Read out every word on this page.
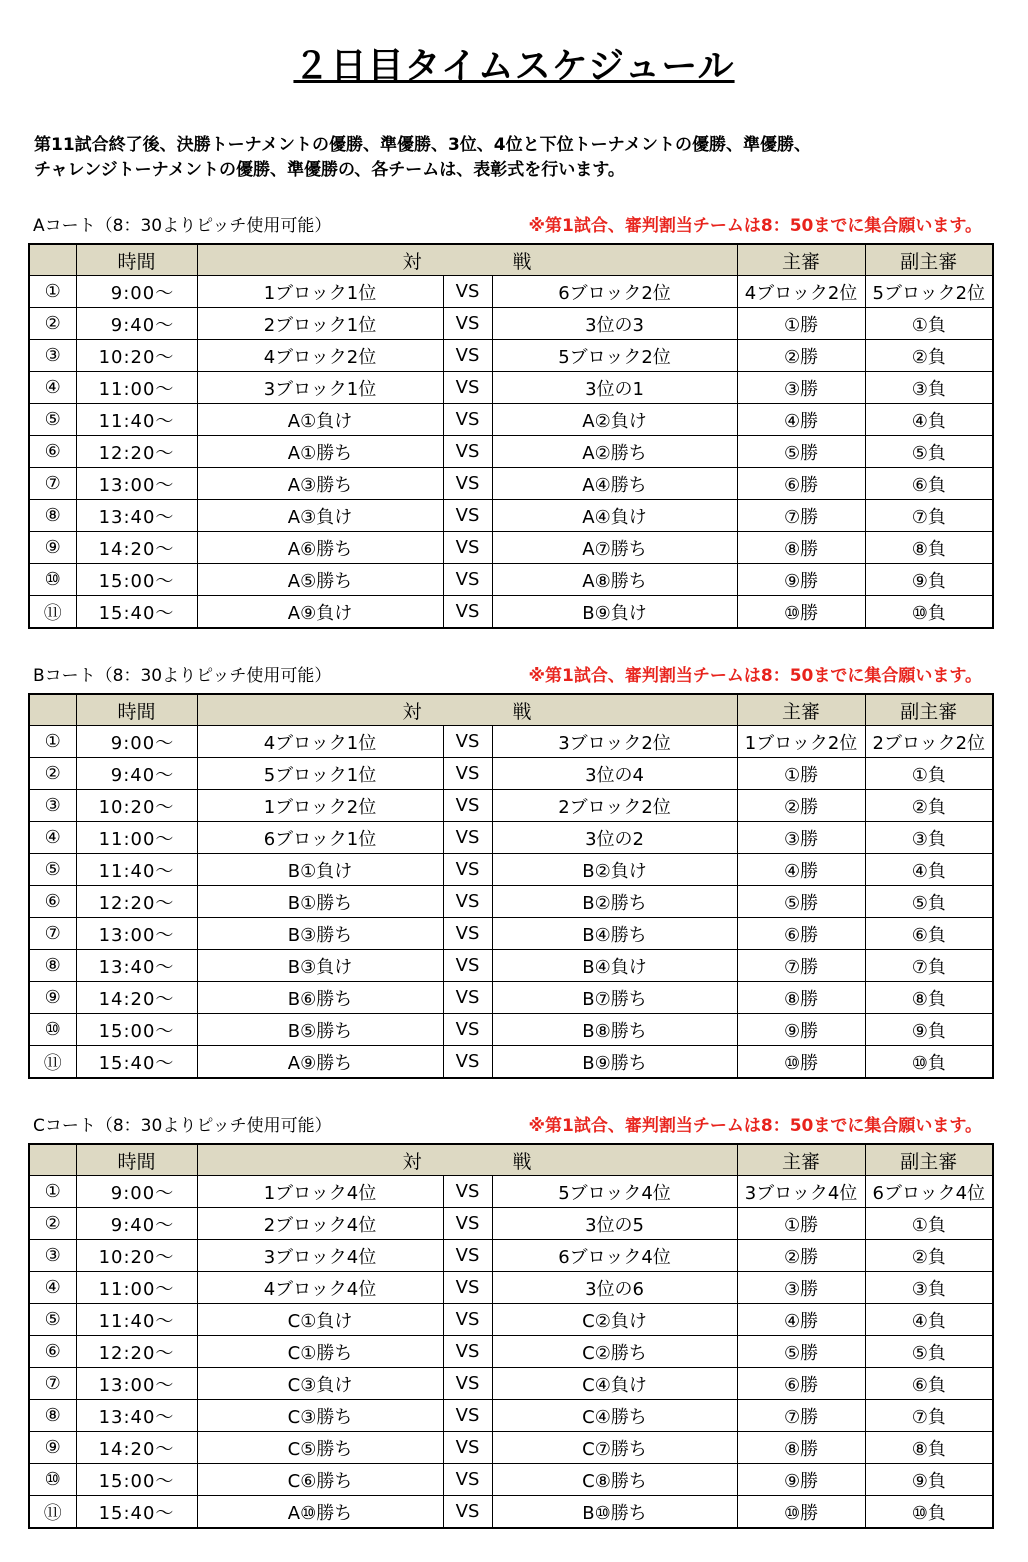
２日目タイムスケジュール
第11試合終了後、決勝トーナメントの優勝、準優勝、3位、4位と下位トーナメントの優勝、準優勝、
チャレンジトーナメントの優勝、準優勝の、各チームは、表彰式を行います。
Aコート（8：30よりピッチ使用可能）	※第1試合、審判割当チームは8：50までに集合願います。
	時間	対 戦			主審	副主審
①	9:00～	1ブロック1位	VS	6ブロック2位	4ブロック2位	5ブロック2位
②	9:40～	2ブロック1位	VS	3位の3	①勝	①負
③	10:20～	4ブロック2位	VS	5ブロック2位	②勝	②負
④	11:00～	3ブロック1位	VS	3位の1	③勝	③負
⑤	11:40～	A①負け	VS	A②負け	④勝	④負
⑥	12:20～	A①勝ち	VS	A②勝ち	⑤勝	⑤負
⑦	13:00～	A③勝ち	VS	A④勝ち	⑥勝	⑥負
⑧	13:40～	A③負け	VS	A④負け	⑦勝	⑦負
⑨	14:20～	A⑥勝ち	VS	A⑦勝ち	⑧勝	⑧負
⑩	15:00～	A⑤勝ち	VS	A⑧勝ち	⑨勝	⑨負
⑪	15:40～	A⑨負け	VS	B⑨負け	⑩勝	⑩負
Bコート（8：30よりピッチ使用可能）	※第1試合、審判割当チームは8：50までに集合願います。
	時間	対 戦			主審	副主審
①	9:00～	4ブロック1位	VS	3ブロック2位	1ブロック2位	2ブロック2位
②	9:40～	5ブロック1位	VS	3位の4	①勝	①負
③	10:20～	1ブロック2位	VS	2ブロック2位	②勝	②負
④	11:00～	6ブロック1位	VS	3位の2	③勝	③負
⑤	11:40～	B①負け	VS	B②負け	④勝	④負
⑥	12:20～	B①勝ち	VS	B②勝ち	⑤勝	⑤負
⑦	13:00～	B③勝ち	VS	B④勝ち	⑥勝	⑥負
⑧	13:40～	B③負け	VS	B④負け	⑦勝	⑦負
⑨	14:20～	B⑥勝ち	VS	B⑦勝ち	⑧勝	⑧負
⑩	15:00～	B⑤勝ち	VS	B⑧勝ち	⑨勝	⑨負
⑪	15:40～	A⑨勝ち	VS	B⑨勝ち	⑩勝	⑩負
Cコート（8：30よりピッチ使用可能）	※第1試合、審判割当チームは8：50までに集合願います。
	時間	対 戦			主審	副主審
①	9:00～	1ブロック4位	VS	5ブロック4位	3ブロック4位	6ブロック4位
②	9:40～	2ブロック4位	VS	3位の5	①勝	①負
③	10:20～	3ブロック4位	VS	6ブロック4位	②勝	②負
④	11:00～	4ブロック4位	VS	3位の6	③勝	③負
⑤	11:40～	C①負け	VS	C②負け	④勝	④負
⑥	12:20～	C①勝ち	VS	C②勝ち	⑤勝	⑤負
⑦	13:00～	C③負け	VS	C④負け	⑥勝	⑥負
⑧	13:40～	C③勝ち	VS	C④勝ち	⑦勝	⑦負
⑨	14:20～	C⑤勝ち	VS	C⑦勝ち	⑧勝	⑧負
⑩	15:00～	C⑥勝ち	VS	C⑧勝ち	⑨勝	⑨負
⑪	15:40～	A⑩勝ち	VS	B⑩勝ち	⑩勝	⑩負
